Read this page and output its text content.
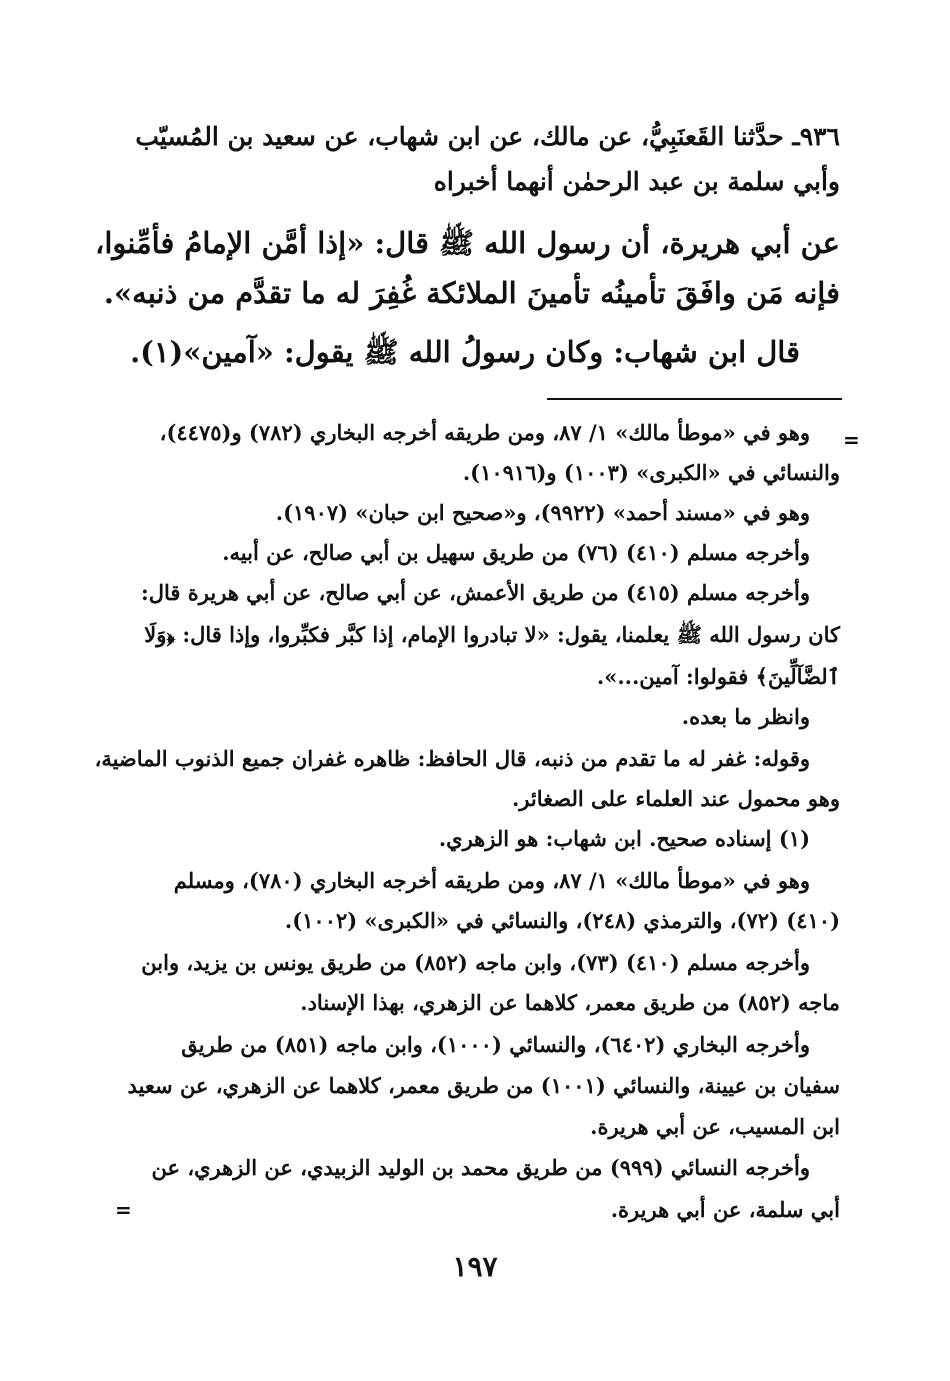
٩٣٦ـ حدَّثنا القَعنَبِيُّ، عن مالك، عن ابن شهاب، عن سعيد بن المُسيّب
وأبي سلمة بن عبد الرحمٰن أنهما أخبراه
عن أبي هريرة، أن رسول الله ﷺ قال: «إذا أمَّن الإمامُ فأمِّنوا،
فإنه مَن وافَقَ تأمينُه تأمينَ الملائكة غُفِرَ له ما تقدَّم من ذنبه».
قال ابن شهاب: وكان رسولُ الله ﷺ يقول: «آمين»(١).
=
وهو في «موطأ مالك» ١/ ٨٧، ومن طريقه أخرجه البخاري (٧٨٢) و(٤٤٧٥)،
والنسائي في «الكبرى» (١٠٠٣) و(١٠٩١٦).
وهو في «مسند أحمد» (٩٩٢٢)، و«صحيح ابن حبان» (١٩٠٧).
وأخرجه مسلم (٤١٠) (٧٦) من طريق سهيل بن أبي صالح، عن أبيه.
وأخرجه مسلم (٤١٥) من طريق الأعمش، عن أبي صالح، عن أبي هريرة قال:
كان رسول الله ﷺ يعلمنا، يقول: «لا تبادروا الإمام، إذا كبَّر فكبِّروا، وإذا قال: ﴿وَلَا
ٱلضَّآلِّينَ﴾ فقولوا: آمين...».
وانظر ما بعده.
وقوله: غفر له ما تقدم من ذنبه، قال الحافظ: ظاهره غفران جميع الذنوب الماضية،
وهو محمول عند العلماء على الصغائر.
(١) إسناده صحيح. ابن شهاب: هو الزهري.
وهو في «موطأ مالك» ١/ ٨٧، ومن طريقه أخرجه البخاري (٧٨٠)، ومسلم
(٤١٠) (٧٢)، والترمذي (٢٤٨)، والنسائي في «الكبرى» (١٠٠٢).
وأخرجه مسلم (٤١٠) (٧٣)، وابن ماجه (٨٥٢) من طريق يونس بن يزيد، وابن
ماجه (٨٥٢) من طريق معمر، كلاهما عن الزهري، بهذا الإسناد.
وأخرجه البخاري (٦٤٠٢)، والنسائي (١٠٠٠)، وابن ماجه (٨٥١) من طريق
سفيان بن عيينة، والنسائي (١٠٠١) من طريق معمر، كلاهما عن الزهري، عن سعيد
ابن المسيب، عن أبي هريرة.
وأخرجه النسائي (٩٩٩) من طريق محمد بن الوليد الزبيدي، عن الزهري، عن
أبي سلمة، عن أبي هريرة.
=
١٩٧
